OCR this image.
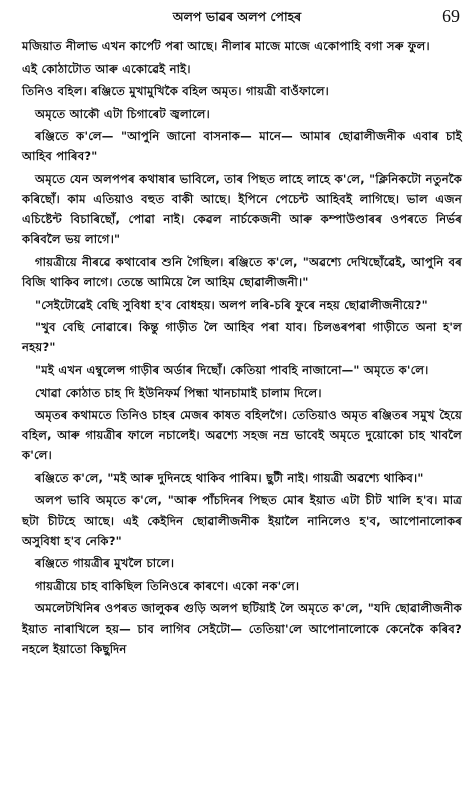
অলপ ভাৱৰ অলপ পোহৰ	69

মজিয়াত নীলাভ এখন কার্পেট পৰা আছে। নীলাৰ মাজে মাজে একোপাহি বগা সৰু ফুল।

এই কোঠাটোত আৰু একোৱেই নাই।

তিনিও বহিল। ৰঞ্জিতে মুখামুখিকৈ বহিল অমৃত। গায়ত্রী বাওঁফালে।

অমৃতে আকৌ এটা চিগাৰেট জ্বলালে।

ৰঞ্জিতে ক'লে— "আপুনি জানো বাসনাক— মানে— আমাৰ ছোৱালীজনীক এবাৰ চাই আহিব পাৰিব?"

অমৃতে যেন অলপপৰ কথাষাৰ ভাবিলে, তাৰ পিছত লাহে লাহে ক'লে, "ক্লিনিকটো নতুনকৈ কৰিছোঁ। কাম এতিয়াও বহুত বাকী আছে। ইপিনে পেচেন্ট আহিবই লাগিছে। ভাল এজন এচিষ্টেন্ট বিচাৰিছোঁ, পোৱা নাই। কেৱল নার্চকেজনী আৰু কম্পাউণ্ডাৰৰ ওপৰতে নির্ভৰ কৰিবলৈ ভয় লাগে।"

গায়ত্রীয়ে নীৰৱে কথাবোৰ শুনি গৈছিল। ৰঞ্জিতে ক'লে, "অৱশ্যে দেখিছোঁৱেই, আপুনি বৰ বিজি থাকিব লাগে। তেন্তে আমিয়ে লৈ আহিম ছোৱালীজনী।"

"সেইটোৱেই বেছি সুবিধা হ'ব বোধহয়। অলপ লৰি-চৰি ফুৰে নহয় ছোৱালীজনীয়ে?"

"খুব বেছি নোৱাৰে। কিন্তু গাড়ীত লৈ আহিব পৰা যাব। চিলঙৰপৰা গাড়ীতে অনা হ'ল নহয়?"

"মই এখন এম্বুলেন্স গাড়ীৰ অর্ডাৰ দিছোঁ। কেতিয়া পাবহি নাজানো—" অমৃতে ক'লে।

খোৱা কোঠাত চাহ দি ইউনিফর্ম পিন্ধা খানচামাই চালাম দিলে।

অমৃতৰ কথামতে তিনিও চাহৰ মেজৰ কাষত বহিলগৈ। তেতিয়াও অমৃত ৰঞ্জিতৰ সমুখ হৈয়ে বহিল, আৰু গায়ত্রীৰ ফালে নচালেই। অৱশ্যে সহজ নম্ৰ ভাবেই অমৃতে দুয়োকো চাহ খাবলৈ ক'লে।

ৰঞ্জিতে ক'লে, "মই আৰু দুদিনহে থাকিব পাৰিম। ছুটী নাই। গায়ত্রী অৱশ্যে থাকিব।"

অলপ ভাবি অমৃতে ক'লে, "আৰু পাঁচদিনৰ পিছত মোৰ ইয়াত এটা চীট খালি হ'ব। মাত্র ছটা চীটহে আছে। এই কেইদিন ছোৱালীজনীক ইয়ালৈ নানিলেও হ'ব, আপোনালোকৰ অসুবিধা হ'ব নেকি?"

ৰঞ্জিতে গায়ত্রীৰ মুখলৈ চালে।

গায়ত্রীয়ে চাহ বাকিছিল তিনিওৰে কাৰণে। একো নক'লে।

অমলেটখিনিৰ ওপৰত জালুকৰ গুড়ি অলপ ছটিয়াই লৈ অমৃতে ক'লে, "যদি ছোৱালীজনীক ইয়াত নাৰাখিলে হয়— চাব লাগিব সেইটো— তেতিয়া'লে আপোনালোকে কেনেকৈ কৰিব? নহলে ইয়াতো কিছুদিন
